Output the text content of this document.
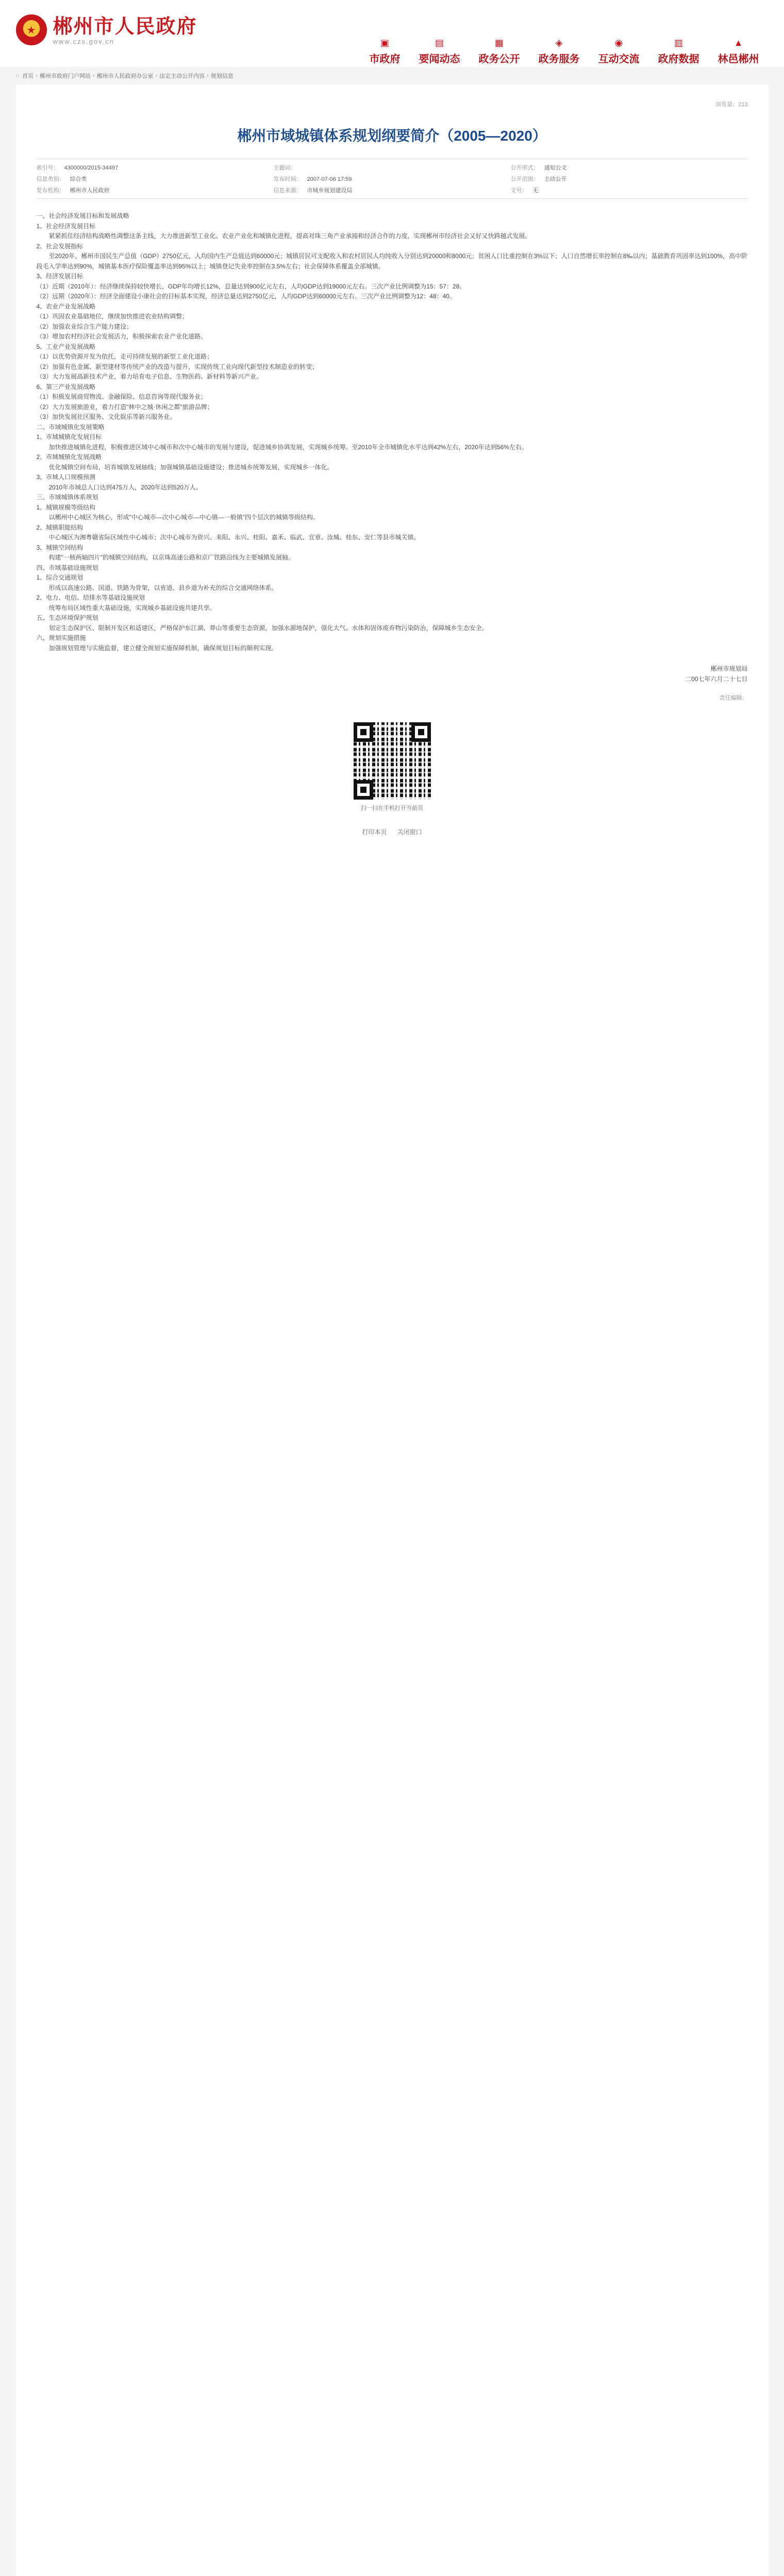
★ 郴州市人民政府
www.czs.gov.cn	▣
市政府
▤
要闻动态
▦
政务公开
◈
政务服务
◉
互动交流
▥
政府数据
▲
林邑郴州
⌂ 首页 › 郴州市政府门户网站 › 郴州市人民政府办公室 › 法定主动公开内容 › 规划信息
浏览量：213
郴州市域城镇体系规划纲要简介（2005—2020）
索引号： 4300000/2015-34497	主题词：	公开形式： 通知公文
信息类别： 综合类	发布时间： 2007-07-06 17:59	公开范围： 主动公开
发布机构： 郴州市人民政府	信息来源： 市城乡规划建设局	文号： 无

一、社会经济发展目标和发展战略

1、社会经济发展目标

紧紧抓住经济结构战略性调整这条主线，大力推进新型工业化、农业产业化和城镇化进程，提高对珠三角产业承接和经济合作的力度，实现郴州市经济社会又好又快跨越式发展。

2、社会发展指标

至2020年，郴州市国民生产总值（GDP）2750亿元，人均国内生产总值达到60000元；城镇居民可支配收入和农村居民人均纯收入分别达到20000和8000元；贫困人口比重控制在3%以下；人口自然增长率控制在8‰以内；基础教育巩固率达到100%，高中阶段毛入学率达到90%，城镇基本医疗保险覆盖率达到95%以上；城镇登记失业率控制在3.5%左右；社会保障体系覆盖全部城镇。

3、经济发展目标

（1）近期（2010年）：经济继续保持较快增长，GDP年均增长12%，总量达到900亿元左右，人均GDP达到19000元左右。三次产业比例调整为15：57：28。

（2）远期（2020年）：经济全面建设小康社会的目标基本实现，经济总量达到2750亿元，人均GDP达到60000元左右。三次产业比例调整为12：48：40。

4、农业产业发展战略

（1）巩固农业基础地位，继续加快推进农业结构调整；

（2）加强农业综合生产能力建设；

（3）增加农村经济社会发展活力，积极探索农业产业化道路。

5、工业产业发展战略

（1）以优势资源开发为依托，走可持续发展的新型工业化道路；

（2）加强有色金属、新型建材等传统产业的改造与提升，实现传统工业向现代新型技术制造业的转变；

（3）大力发展高新技术产业，着力培育电子信息、生物医药、新材料等新兴产业。

6、第三产业发展战略

（1）积极发展商贸物流、金融保险、信息咨询等现代服务业；

（2）大力发展旅游业，着力打造"林中之城·休闲之都"旅游品牌；

（3）加快发展社区服务、文化娱乐等新兴服务业。

二、市域城镇化发展策略

1、市域城镇化发展目标

加快推进城镇化进程，积极推进区域中心城市和次中心城市的发展与建设，促进城乡协调发展，实现城乡统筹。至2010年全市城镇化水平达到42%左右，2020年达到56%左右。

2、市域城镇化发展战略

优化城镇空间布局，培育城镇发展轴线；加强城镇基础设施建设；推进城乡统筹发展，实现城乡一体化。

3、市域人口规模预测

2010年市域总人口达到475万人，2020年达到520万人。

三、市域城镇体系规划

1、城镇规模等级结构

以郴州中心城区为核心，形成"中心城市—次中心城市—中心镇—一般镇"四个层次的城镇等级结构。

2、城镇职能结构

中心城区为湘粤赣省际区域性中心城市；次中心城市为资兴、耒阳、永兴、桂阳、嘉禾、临武、宜章、汝城、桂东、安仁等县市城关镇。

3、城镇空间结构

构建"一核两轴四片"的城镇空间结构，以京珠高速公路和京广铁路沿线为主要城镇发展轴。

四、市域基础设施规划

1、综合交通规划

形成以高速公路、国道、铁路为骨架，以省道、县乡道为补充的综合交通网络体系。

2、电力、电信、给排水等基础设施规划

统筹布局区域性重大基础设施，实现城乡基础设施共建共享。

五、生态环境保护规划

划定生态保护区、限制开发区和适建区，严格保护东江湖、莽山等重要生态资源，加强水源地保护，强化大气、水体和固体废弃物污染防治，保障城乡生态安全。

六、规划实施措施

加强规划管理与实施监督，建立健全规划实施保障机制，确保规划目标的顺利实现。

郴州市规划局
二00七年六月二十七日
责任编辑：
扫一扫在手机打开当前页
打印本页 关闭窗口
